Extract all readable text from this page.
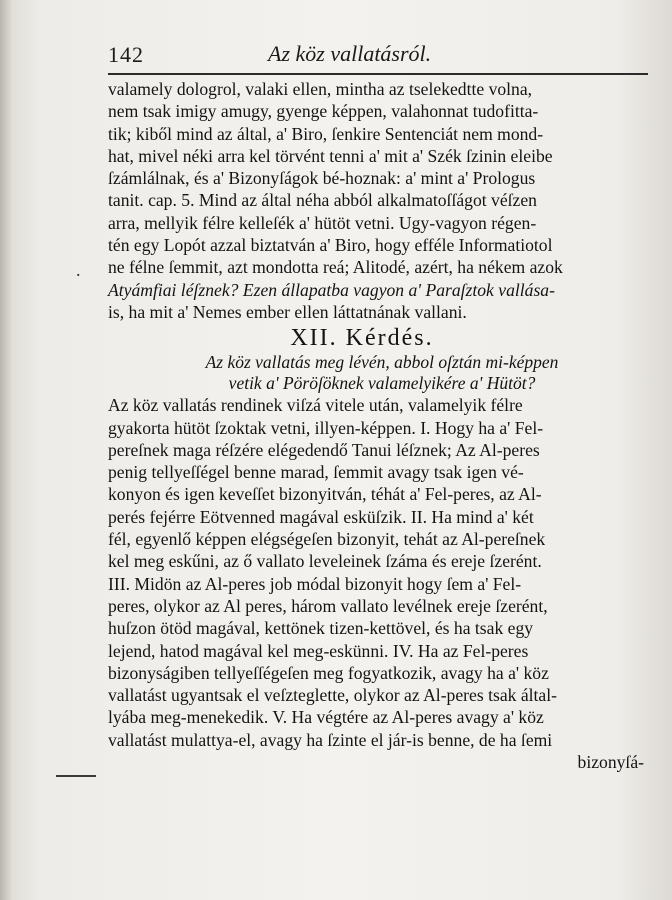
142	Az köz vallatásról.
valamely dologrol, valaki ellen, mintha az tselekedtte volna,
nem tsak imigy amugy, gyenge képpen, valahonnat tudofitta-
tik; kiből mind az által, a' Biro, ſenkire Sentenciát nem mond-
hat, mivel néki arra kel törvént tenni a' mit a' Szék ſzinin eleibe
ſzámlálnak, és a' Bizonyſágok bé-hoznak: a' mint a' Prologus
tanit. cap. 5. Mind az által néha abból alkalmatoſſágot véſzen
arra, mellyik félre kelleſék a' hütöt vetni. Ugy-vagyon régen-
tén egy Lopót azzal biztatván a' Biro, hogy efféle Informatiotol
ne félne ſemmit, azt mondotta reá; Alitodé, azért, ha nékem azok
Atyámfiai léſznek? Ezen állapatba vagyon a' Paraſztok vallása-
is, ha mit a' Nemes ember ellen láttatnának vallani.
XII. Kérdés.
Az köz vallatás meg lévén, abbol oſztán mi-képpen
vetik a' Pöröſöknek valamelyikére a' Hütöt?
Az köz vallatás rendinek viſzá vitele után, valamelyik félre
gyakorta hütöt ſzoktak vetni, illyen-képpen. I. Hogy ha a' Fel-
pereſnek maga réſzére elégedendő Tanui léſznek; Az Al-peres
penig tellyeſſégel benne marad, ſemmit avagy tsak igen vé-
konyon és igen keveſſet bizonyitván, téhát a' Fel-peres, az Al-
perés fejérre Eötvenned magával esküſzik. II. Ha mind a' két
fél, egyenlő képpen elégségeſen bizonyit, tehát az Al-pereſnek
kel meg eskűni, az ő vallato leveleinek ſzáma és ereje ſzerént.
III. Midön az Al-peres job módal bizonyit hogy ſem a' Fel-
peres, olykor az Al peres, három vallato levélnek ereje ſzerént,
huſzon ötöd magával, kettönek tizen-kettövel, és ha tsak egy
lejend, hatod magával kel meg-eskünni. IV. Ha az Fel-peres
bizonyságiben tellyeſſégeſen meg fogyatkozik, avagy ha a' köz
vallatást ugyantsak el veſzteglette, olykor az Al-peres tsak által-
lyába meg-menekedik. V. Ha végtére az Al-peres avagy a' köz
vallatást mulattya-el, avagy ha ſzinte el jár-is benne, de ha ſemi
bizonyſá-
.
